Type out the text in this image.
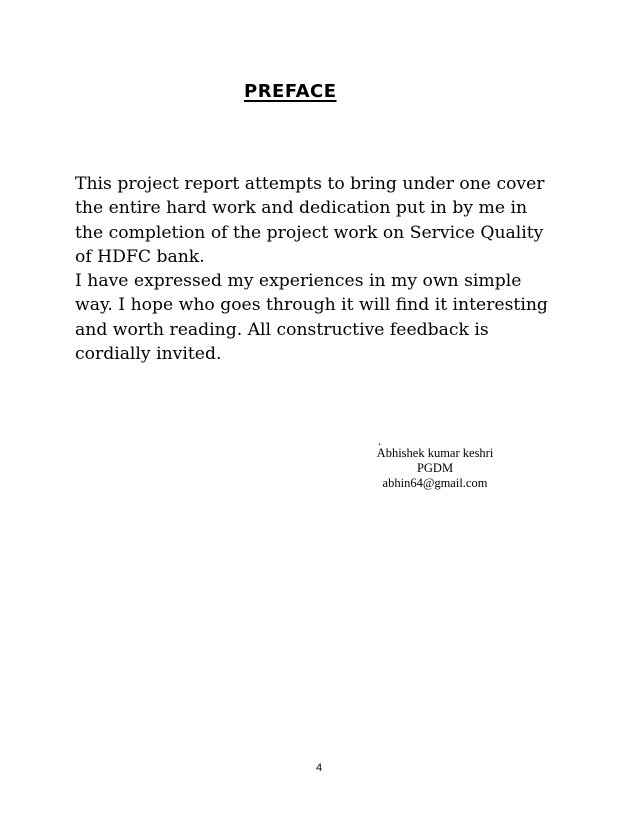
PREFACE

This project report attempts to bring under one cover

the entire hard work and dedication put in by me in

the completion of the project work on Service Quality

of HDFC bank.

I have expressed my experiences in my own simple

way. I hope who goes through it will find it interesting

and worth reading. All constructive feedback is

cordially invited.

.
Abhishek kumar keshri
PGDM
abhin64@gmail.com
4
